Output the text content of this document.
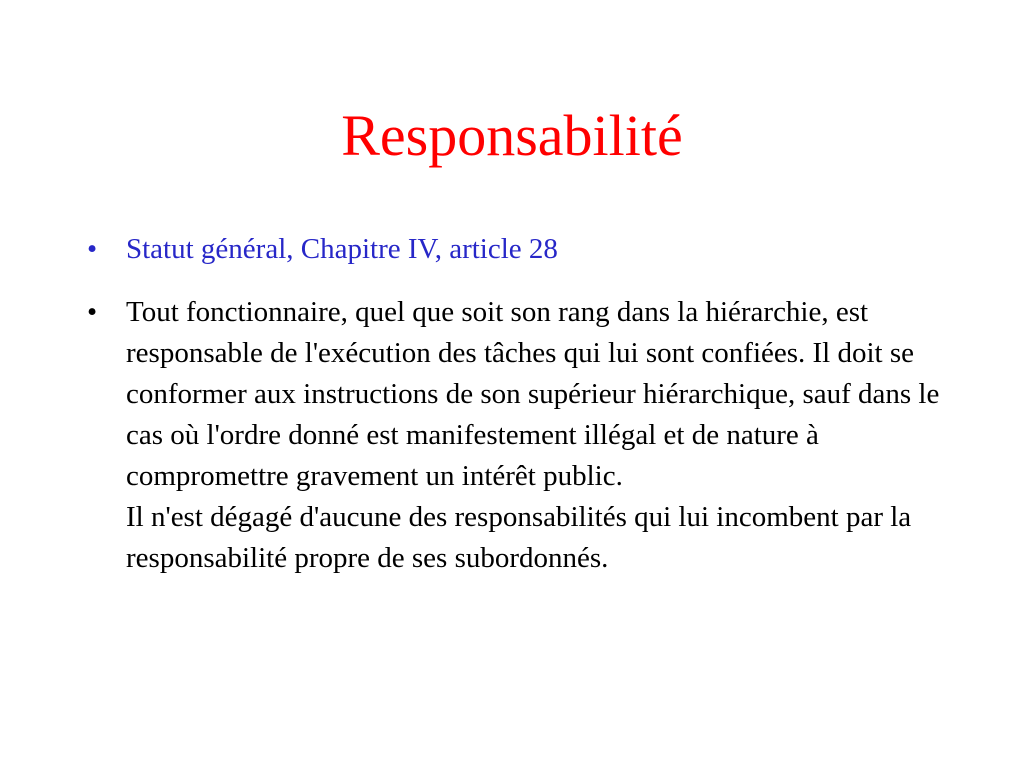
Responsabilité
• Statut général, Chapitre IV, article 28
• Tout fonctionnaire, quel que soit son rang dans la hiérarchie, est responsable de l'exécution des tâches qui lui sont confiées. Il doit se conformer aux instructions de son supérieur hiérarchique, sauf dans le cas où l'ordre donné est manifestement illégal et de nature à compromettre gravement un intérêt public.
Il n'est dégagé d'aucune des responsabilités qui lui incombent par la responsabilité propre de ses subordonnés.
